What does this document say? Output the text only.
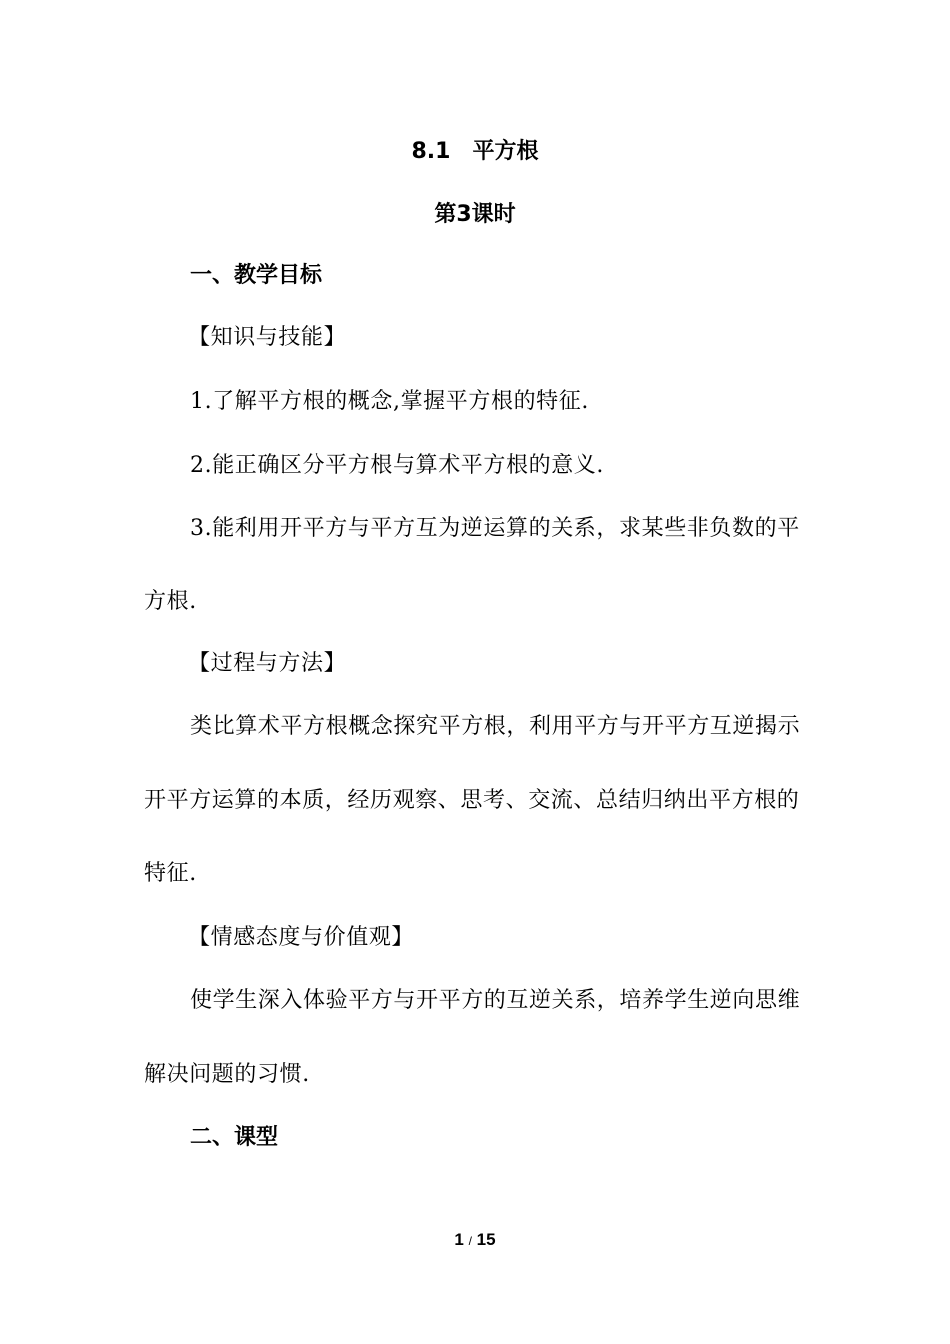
8.1　平方根
第3课时
一、教学目标
【知识与技能】
1.了解平方根的概念,掌握平方根的特征.
2.能正确区分平方根与算术平方根的意义.
3.能利用开平方与平方互为逆运算的关系，求某些非负数的平
方根.
【过程与方法】
类比算术平方根概念探究平方根，利用平方与开平方互逆揭示
开平方运算的本质，经历观察、思考、交流、总结归纳出平方根的
特征.
【情感态度与价值观】
使学生深入体验平方与开平方的互逆关系，培养学生逆向思维
解决问题的习惯.
二、课型
1 / 15
